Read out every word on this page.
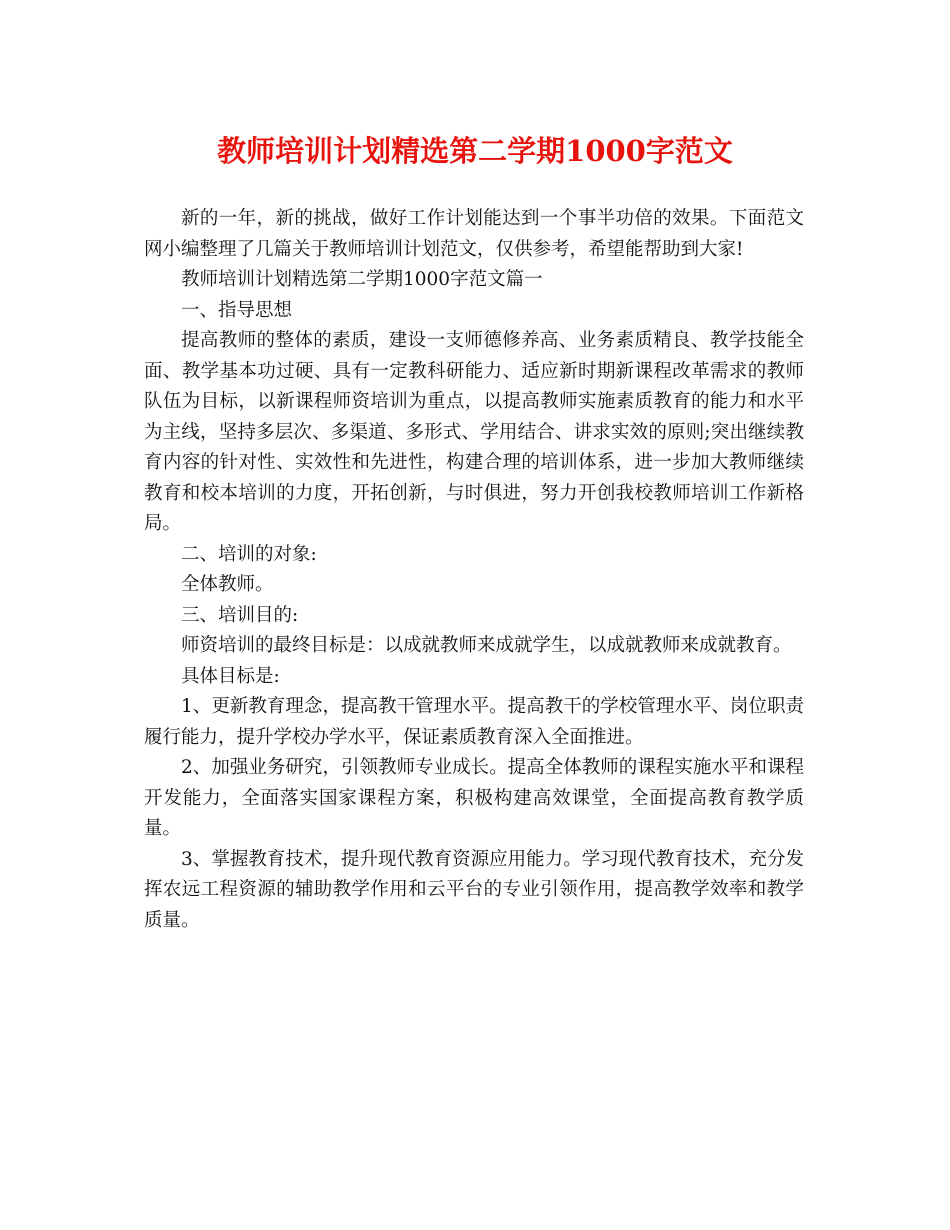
教师培训计划精选第二学期1000字范文

新的一年，新的挑战，做好工作计划能达到一个事半功倍的效果。下面范文网小编整理了几篇关于教师培训计划范文，仅供参考，希望能帮助到大家!

教师培训计划精选第二学期1000字范文篇一

一、指导思想

提高教师的整体的素质，建设一支师德修养高、业务素质精良、教学技能全面、教学基本功过硬、具有一定教科研能力、适应新时期新课程改革需求的教师队伍为目标，以新课程师资培训为重点，以提高教师实施素质教育的能力和水平为主线，坚持多层次、多渠道、多形式、学用结合、讲求实效的原则;突出继续教育内容的针对性、实效性和先进性，构建合理的培训体系，进一步加大教师继续教育和校本培训的力度，开拓创新，与时俱进，努力开创我校教师培训工作新格局。

二、培训的对象:

全体教师。

三、培训目的:

师资培训的最终目标是：以成就教师来成就学生，以成就教师来成就教育。

具体目标是:

1、更新教育理念，提高教干管理水平。提高教干的学校管理水平、岗位职责履行能力，提升学校办学水平，保证素质教育深入全面推进。

2、加强业务研究，引领教师专业成长。提高全体教师的课程实施水平和课程开发能力，全面落实国家课程方案，积极构建高效课堂，全面提高教育教学质量。

3、掌握教育技术，提升现代教育资源应用能力。学习现代教育技术，充分发挥农远工程资源的辅助教学作用和云平台的专业引领作用，提高教学效率和教学质量。
